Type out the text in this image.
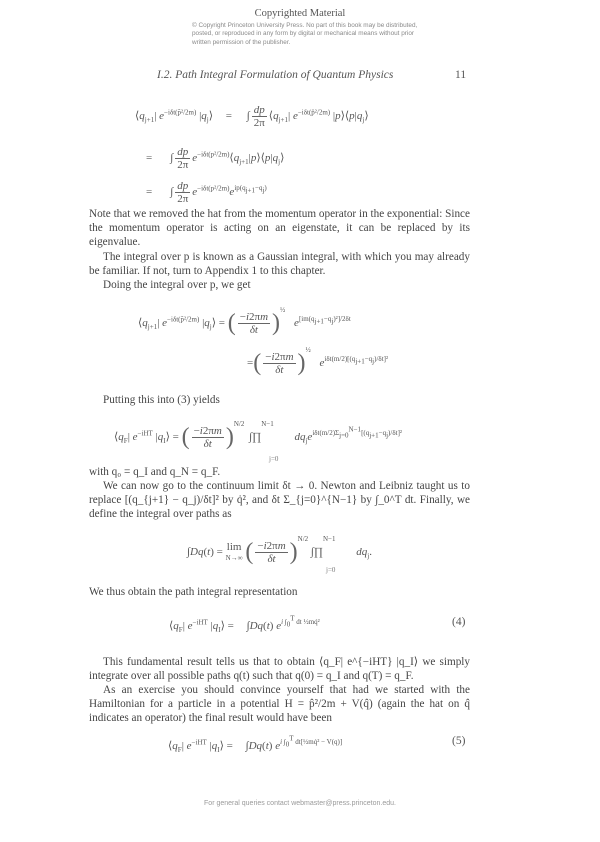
Copyrighted Material
© Copyright Princeton University Press. No part of this book may be distributed, posted, or reproduced in any form by digital or mechanical means without prior written permission of the publisher.
I.2. Path Integral Formulation of Quantum Physics	11
$⟨q_{j+1}|$ $e^{-i\delta t(p̂^2/2m)}$ $|q_j⟩$ = ∫ $\frac{dp}{2\pi}$ $⟨q_{j+1}|$ $e^{-i\delta t(p̂^2/2m)}$ $|p⟩⟨p|q_j⟩$
= ∫ $\frac{dp}{2\pi}$ $e^{-i\delta t(p^2/2m)}⟨q_{j+1}|p⟩⟨p|q_j⟩$
= ∫ $\frac{dp}{2\pi} e^{-i\delta t(p^2/2m)}e^{ip(q_{j+1}-q_j)}$
Note that we removed the hat from the momentum operator in the exponential: Since the momentum operator is acting on an eigenstate, it can be replaced by its eigenvalue.
The integral over p is known as a Gaussian integral, with which you may already be familiar. If not, turn to Appendix 1 to this chapter.
Doing the integral over p, we get
$⟨q_{j+1}|$ $e^{-i\delta t(p̂^2/2m)}$ $|q_j⟩$ = ( $\frac{-i2\pi m}{\delta t} )^{\frac{1}{2}}$ $e^{[im(q_{j+1}-q_j)^2]/2\delta t}$
=( $\frac{-i2\pi m}{\delta t} )^{\frac{1}{2}}$ $e^{i\delta t(m/2)[(q_{j+1}-q_j)/\delta t]^2}$
Putting this into (3) yields
$⟨q_F|$ $e^{-iHT}$ $|q_I⟩$ = ( $\frac{-i2\pi m}{\delta t} )^{N/2}$ ∫∏$^{N-1}$ $dq_je^{i\delta t(m/2)\Sigma_{j=0}^{N-1}[(q_{j+1}-q_j)/\delta t]^2}$
j=0
with q₀ = q_I and q_N = q_F.
We can now go to the continuum limit δt → 0. Newton and Leibniz taught us to replace [(q_{j+1} − q_j)/δt]² by q̇², and δt Σ_{j=0}^{N−1} by ∫_0^T dt. Finally, we define the integral over paths as
∫Dq(t) = lim
N→∞ ( $\frac{-i2\pi m}{\delta t} )^{N/2}$ ∫∏$^{N-1}$ $dq_j$.
j=0
We thus obtain the path integral representation
$⟨q_F|$ $e^{-iHT}$ $|q_I⟩ = \int Dq(t)$ $e^{i \int_0^T dt \frac{1}{2}mq̇^2}$	(4)
This fundamental result tells us that to obtain ⟨q_F| e^{−iHT} |q_I⟩ we simply integrate over all possible paths q(t) such that q(0) = q_I and q(T) = q_F.
As an exercise you should convince yourself that had we started with the Hamiltonian for a particle in a potential H = p̂²/2m + V(q̂) (again the hat on q̂ indicates an operator) the final result would have been
$⟨q_F|$ $e^{-iHT}$ $|q_I⟩ = \int Dq(t)$ $e^{i \int_0^T dt[\frac{1}{2}mq̇^2 - V(q)]}$	(5)
For general queries contact webmaster@press.princeton.edu.
